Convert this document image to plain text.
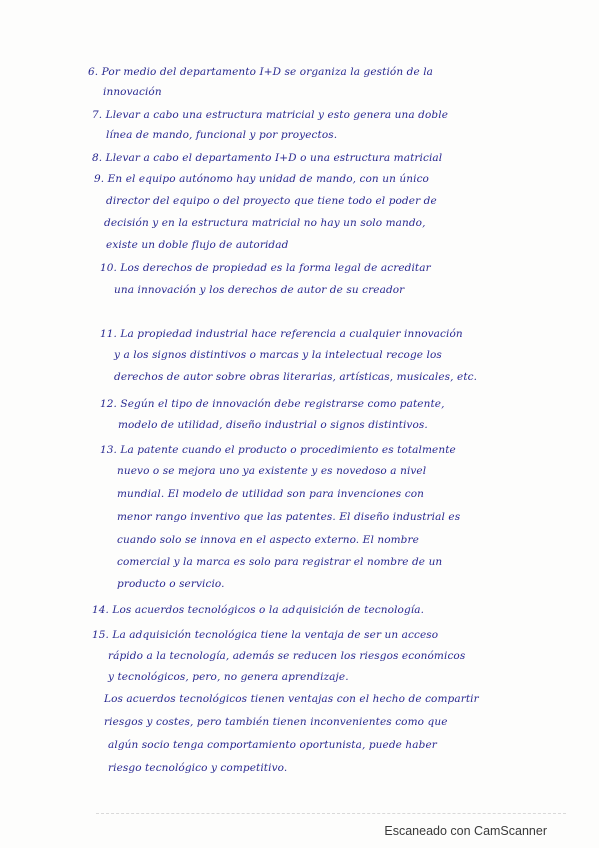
6. Por medio del departamento I+D se organiza la gestión de la
innovación
7. Llevar a cabo una estructura matricial y esto genera una doble
línea de mando, funcional y por proyectos.
8. Llevar a cabo el departamento I+D o una estructura matricial
9. En el equipo autónomo hay unidad de mando, con un único
director del equipo o del proyecto que tiene todo el poder de
decisión y en la estructura matricial no hay un solo mando,
existe un doble flujo de autoridad
10. Los derechos de propiedad es la forma legal de acreditar
una innovación y los derechos de autor de su creador
11. La propiedad industrial hace referencia a cualquier innovación
y a los signos distintivos o marcas y la intelectual recoge los
derechos de autor sobre obras literarias, artísticas, musicales, etc.
12. Según el tipo de innovación debe registrarse como patente,
modelo de utilidad, diseño industrial o signos distintivos.
13. La patente cuando el producto o procedimiento es totalmente
nuevo o se mejora uno ya existente y es novedoso a nivel
mundial. El modelo de utilidad son para invenciones con
menor rango inventivo que las patentes. El diseño industrial es
cuando solo se innova en el aspecto externo. El nombre
comercial y la marca es solo para registrar el nombre de un
producto o servicio.
14. Los acuerdos tecnológicos o la adquisición de tecnología.
15. La adquisición tecnológica tiene la ventaja de ser un acceso
rápido a la tecnología, además se reducen los riesgos económicos
y tecnológicos, pero, no genera aprendizaje.
Los acuerdos tecnológicos tienen ventajas con el hecho de compartir
riesgos y costes, pero también tienen inconvenientes como que
algún socio tenga comportamiento oportunista, puede haber
riesgo tecnológico y competitivo.
Escaneado con CamScanner
